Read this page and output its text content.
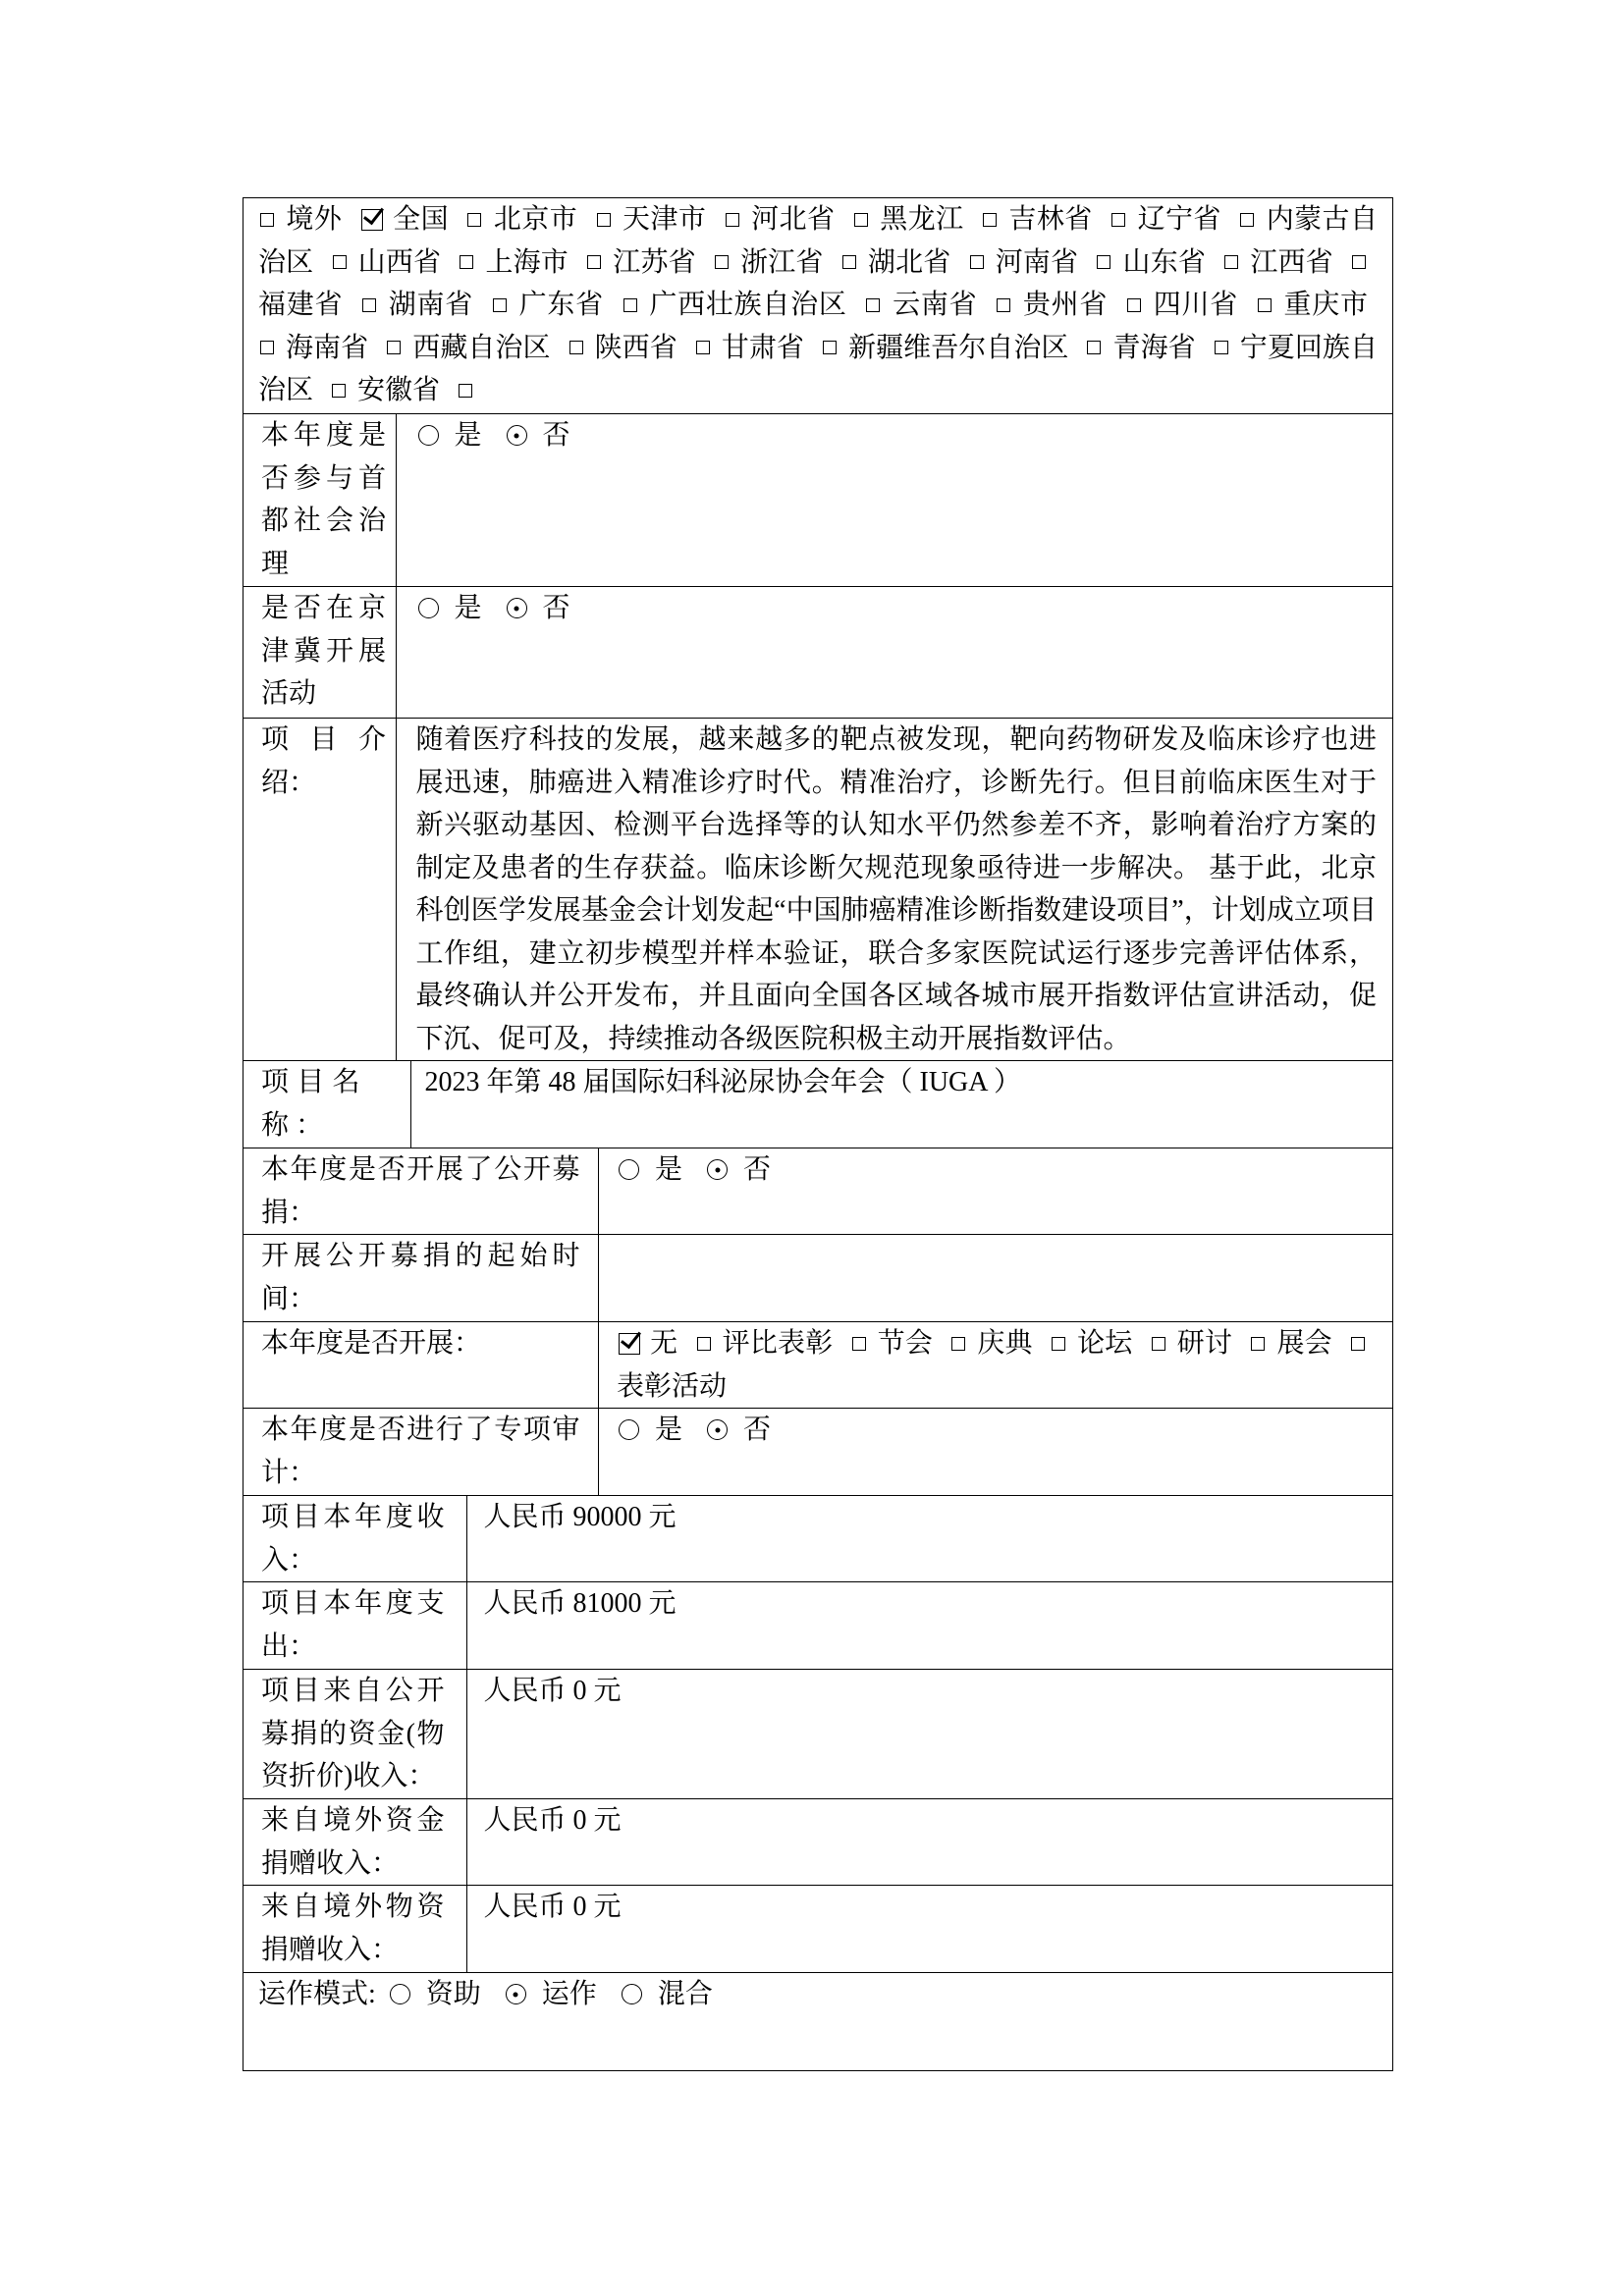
境外 全国 北京市 天津市 河北省 黑龙江 吉林省 辽宁省 内蒙古自治区 山西省 上海市 江苏省 浙江省 湖北省 河南省 山东省 江西省 福建省 湖南省 广东省 广西壮族自治区 云南省 贵州省 四川省 重庆市 海南省 西藏自治区 陕西省 甘肃省 新疆维吾尔自治区 青海省 宁夏回族自治区 安徽省
本年度是否参与首都社会治理
是 否
是否在京津冀开展活动
是 否
项目介绍：
随着医疗科技的发展，越来越多的靶点被发现，靶向药物研发及临床诊疗也进展迅速，肺癌进入精准诊疗时代。精准治疗，诊断先行。但目前临床医生对于新兴驱动基因、检测平台选择等的认知水平仍然参差不齐，影响着治疗方案的制定及患者的生存获益。临床诊断欠规范现象亟待进一步解决。 基于此，北京科创医学发展基金会计划发起“中国肺癌精准诊断指数建设项目”，计划成立项目工作组，建立初步模型并样本验证，联合多家医院试运行逐步完善评估体系，最终确认并公开发布，并且面向全国各区域各城市展开指数评估宣讲活动，促下沉、促可及，持续推动各级医院积极主动开展指数评估。
项目名称 ：
2023 年第 48 届国际妇科泌尿协会年会（ IUGA ）
本年度是否开展了公开募捐：
是 否
开展公开募捐的起始时间：
本年度是否开展：	无 评比表彰 节会 庆典 论坛 研讨 展会 表彰活动
本年度是否进行了专项审计：
是 否
项目本年度收入：
人民币 90000 元
项目本年度支出：
人民币 81000 元
项目来自公开募捐的资金(物资折价)收入：
人民币 0 元
来自境外资金捐赠收入：
人民币 0 元
来自境外物资捐赠收入：
人民币 0 元
运作模式: 资助 运作 混合
